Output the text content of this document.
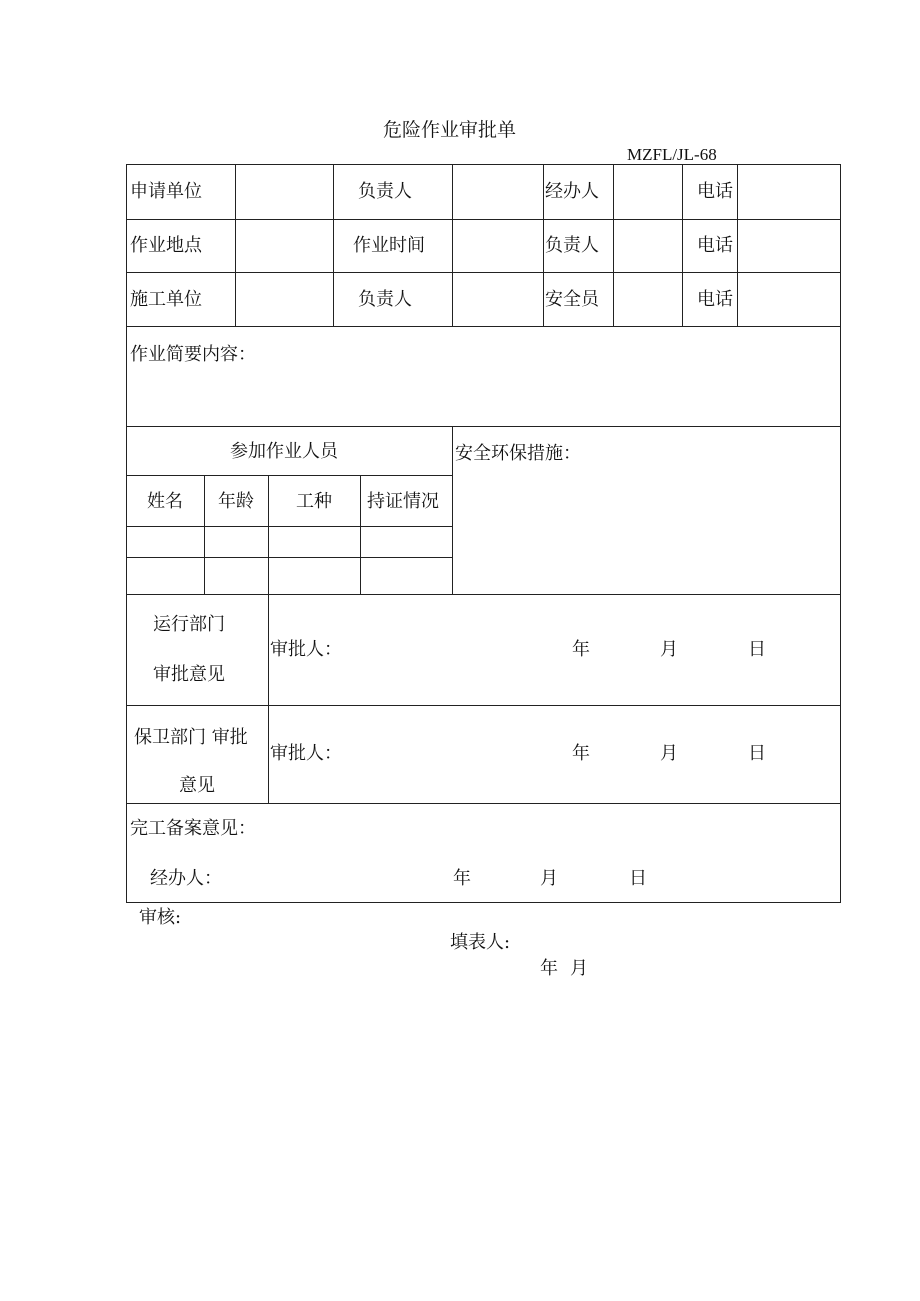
危险作业审批单
MZFL/JL-68
申请单位	负责人	经办人	电话
作业地点	作业时间	负责人	电话
施工单位	负责人	安全员	电话
作业简要内容：
参加作业人员	安全环保措施：
姓名 年龄 工种 持证情况
运行部门
审批意见
审批人：	年	月	日
保卫部门 审批
意见
审批人：	年	月	日
完工备案意见：
经办人：	年	月	日
审核:
填表人:
年 月
